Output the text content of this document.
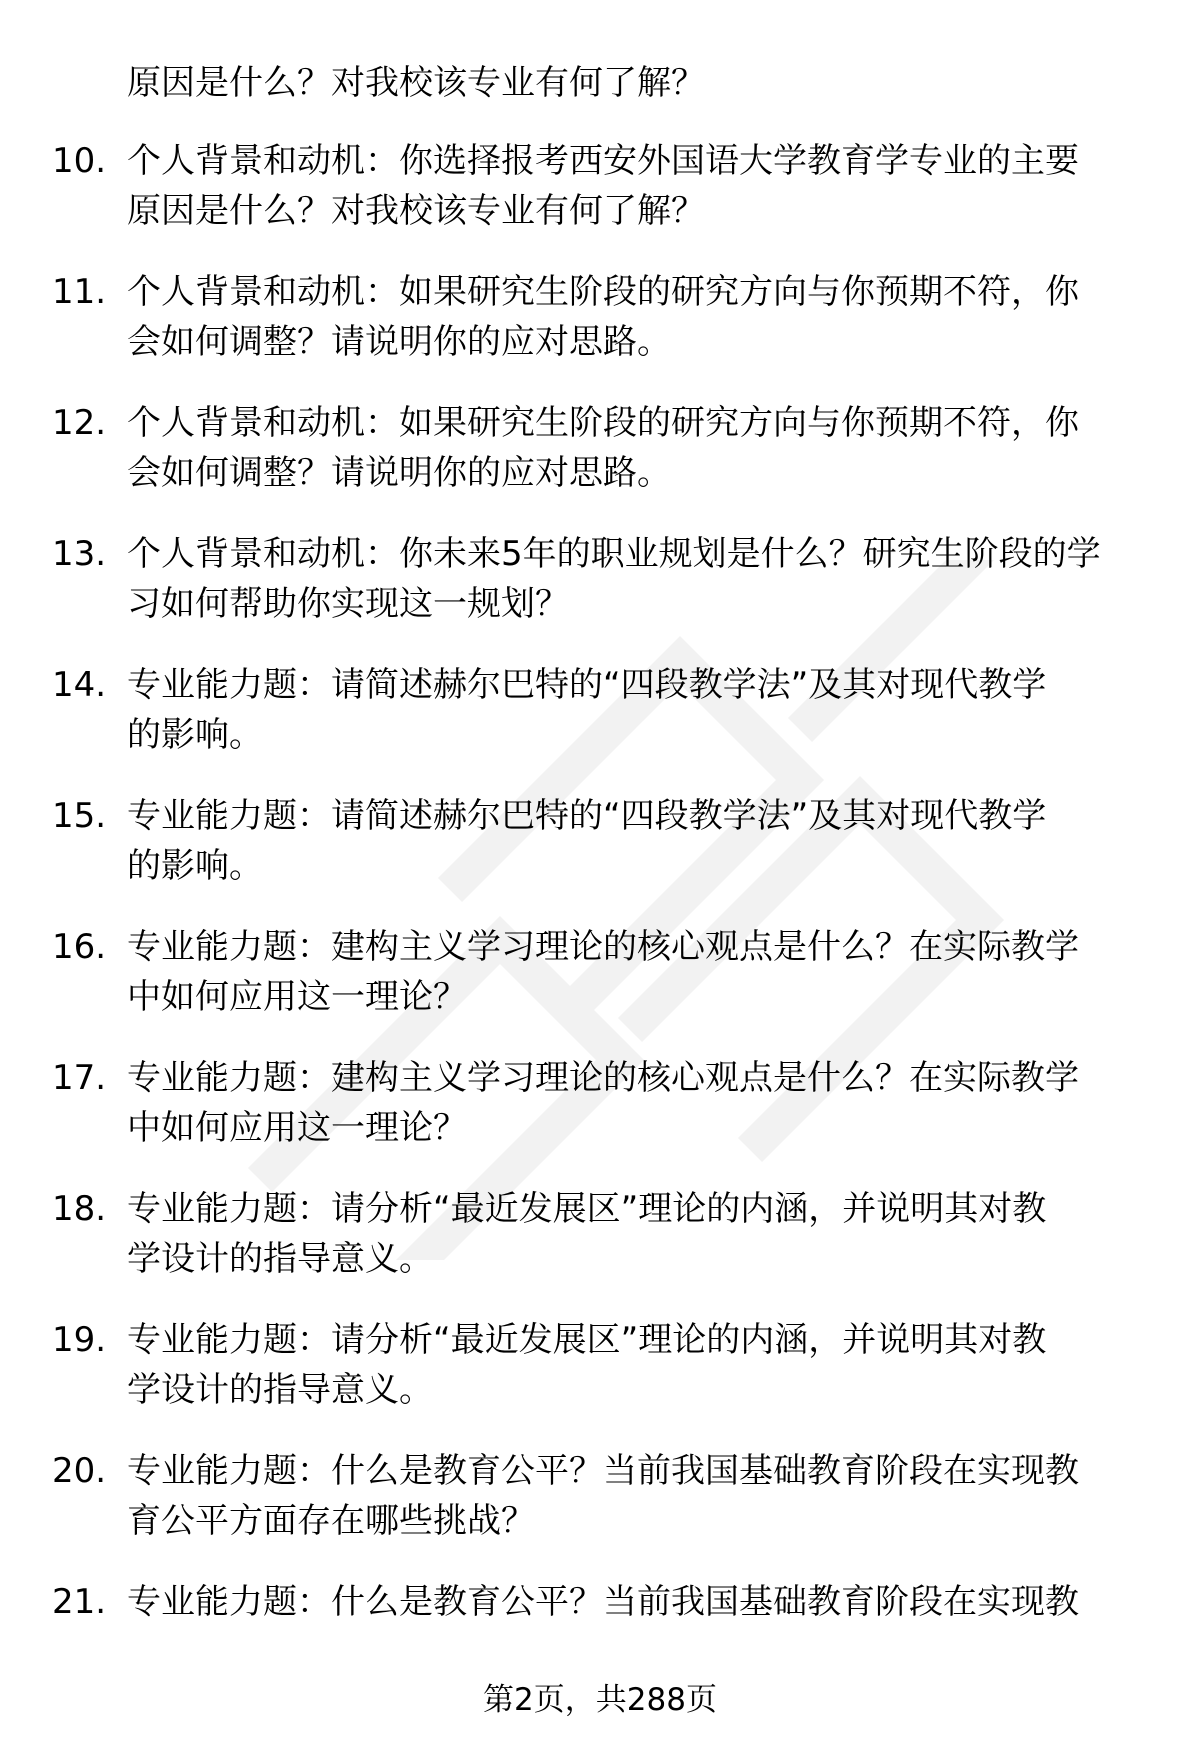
原因是什么？对我校该专业有何了解？
10. 个人背景和动机：你选择报考西安外国语大学教育学专业的主要
原因是什么？对我校该专业有何了解？
11. 个人背景和动机：如果研究生阶段的研究方向与你预期不符，你
会如何调整？请说明你的应对思路。
12. 个人背景和动机：如果研究生阶段的研究方向与你预期不符，你
会如何调整？请说明你的应对思路。
13. 个人背景和动机：你未来5年的职业规划是什么？研究生阶段的学
习如何帮助你实现这一规划？
14. 专业能力题：请简述赫尔巴特的“四段教学法”及其对现代教学
的影响。
15. 专业能力题：请简述赫尔巴特的“四段教学法”及其对现代教学
的影响。
16. 专业能力题：建构主义学习理论的核心观点是什么？在实际教学
中如何应用这一理论？
17. 专业能力题：建构主义学习理论的核心观点是什么？在实际教学
中如何应用这一理论？
18. 专业能力题：请分析“最近发展区”理论的内涵，并说明其对教
学设计的指导意义。
19. 专业能力题：请分析“最近发展区”理论的内涵，并说明其对教
学设计的指导意义。
20. 专业能力题：什么是教育公平？当前我国基础教育阶段在实现教
育公平方面存在哪些挑战？
21. 专业能力题：什么是教育公平？当前我国基础教育阶段在实现教
第2页，共288页
